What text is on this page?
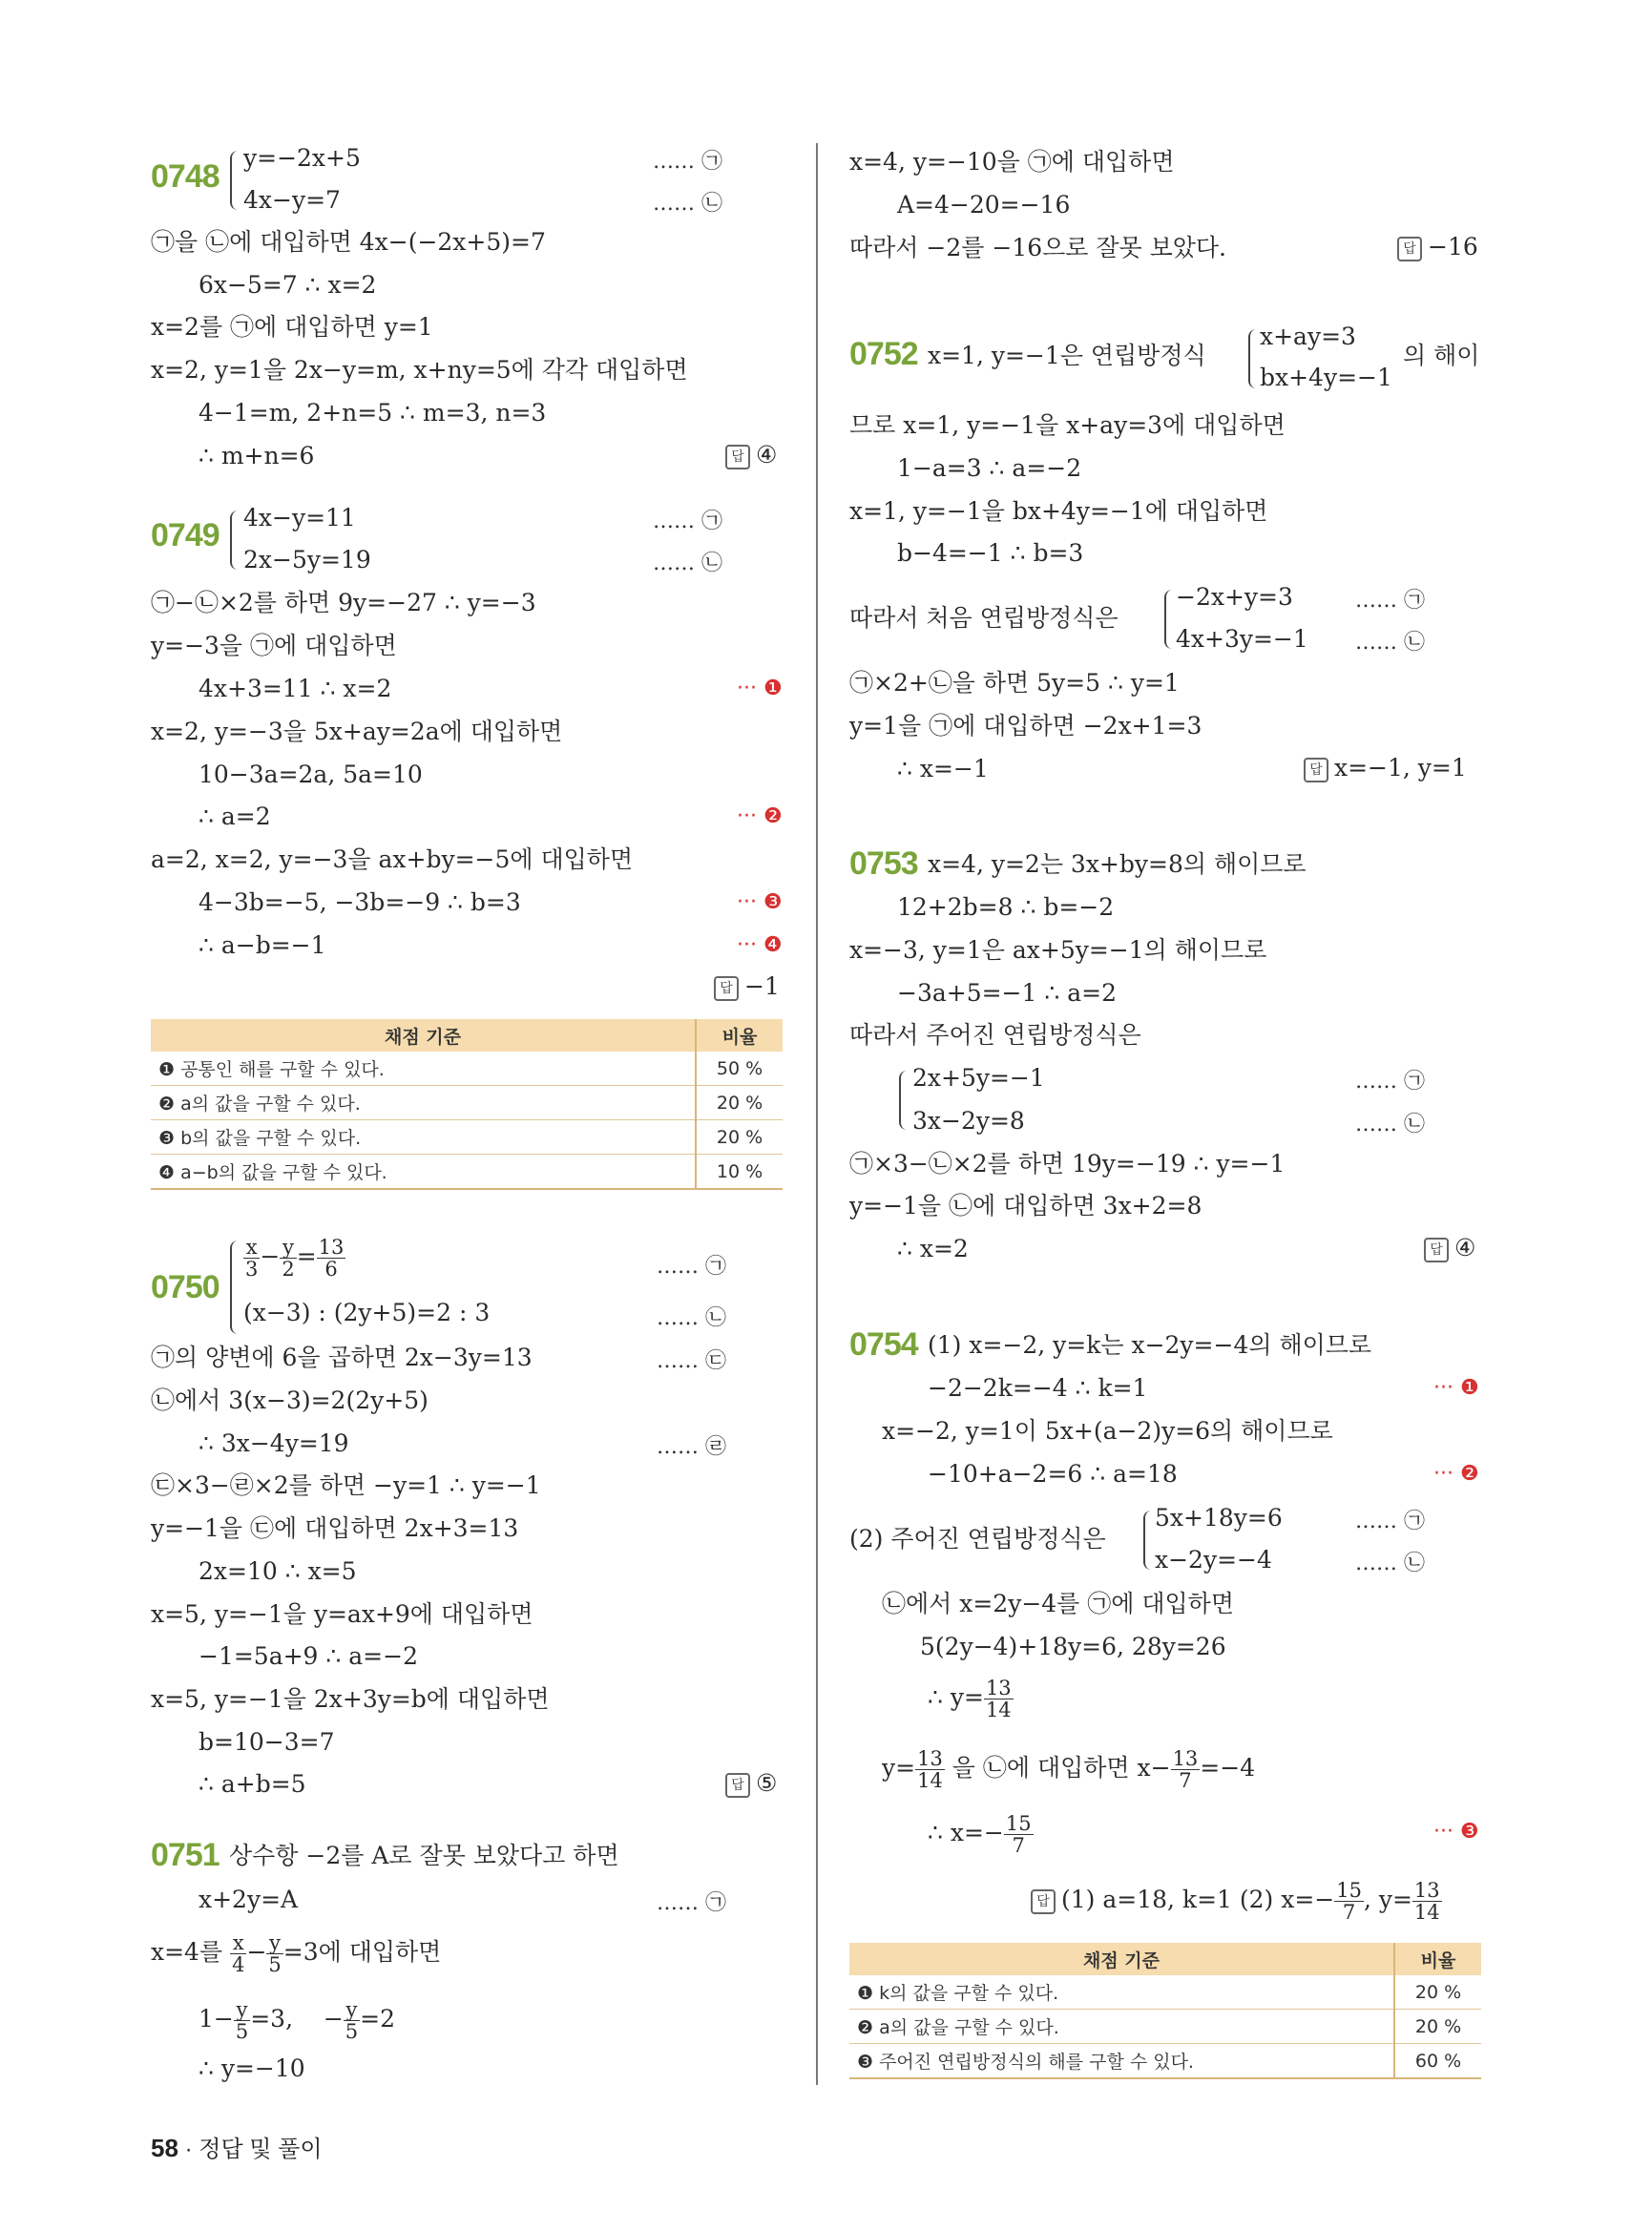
0748
y=−2x+5
4x−y=7
…… ㉠
…… ㉡
㉠을 ㉡에 대입하면 4x−(−2x+5)=7
6x−5=7 ∴ x=2
x=2를 ㉠에 대입하면 y=1
x=2, y=1을 2x−y=m, x+ny=5에 각각 대입하면
4−1=m, 2+n=5 ∴ m=3, n=3
∴ m+n=6	답 ④
0749 4x−y=11
2x−5y=19
…… ㉠
…… ㉡
㉠−㉡×2를 하면 9y=−27 ∴ y=−3
y=−3을 ㉠에 대입하면
4x+3=11 ∴ x=2	··· ❶
x=2, y=−3을 5x+ay=2a에 대입하면
10−3a=2a, 5a=10
∴ a=2	··· ❷
a=2, x=2, y=−3을 ax+by=−5에 대입하면
4−3b=−5, −3b=−9 ∴ b=3	··· ❸
∴ a−b=−1	··· ❹
답 −1
채점 기준	비율
❶ 공통인 해를 구할 수 있다.	50 %
❷ a의 값을 구할 수 있다.	20 %
❸ b의 값을 구할 수 있다.	20 %
❹ a−b의 값을 구할 수 있다.	10 %
0750
$\frac{x}{3} - \frac{y}{2} = \frac{13}{6}$
(x−3) : (2y+5)=2 : 3
…… ㉠
…… ㉡
㉠의 양변에 6을 곱하면 2x−3y=13	…… ㉢
㉡에서 3(x−3)=2(2y+5)
∴ 3x−4y=19	…… ㉣
㉢×3−㉣×2를 하면 −y=1 ∴ y=−1
y=−1을 ㉢에 대입하면 2x+3=13
2x=10 ∴ x=5
x=5, y=−1을 y=ax+9에 대입하면
−1=5a+9 ∴ a=−2
x=5, y=−1을 2x+3y=b에 대입하면
b=10−3=7
∴ a+b=5	답 ⑤
0751 상수항 −2를 A로 잘못 보았다고 하면
x+2y=A	…… ㉠
x=4를 $\frac{x}{4} - \frac{y}{5} =3$에 대입하면
$1- \frac{y}{5} =3$,    − $\frac{y}{5} =2$
∴ y=−10
x=4, y=−10을 ㉠에 대입하면
A=4−20=−16
따라서 −2를 −16으로 잘못 보았다.	답 −16
0752 x=1, y=−1은 연립방정식
x+ay=3
bx+4y=−1
의 해이
므로 x=1, y=−1을 x+ay=3에 대입하면
1−a=3 ∴ a=−2
x=1, y=−1을 bx+4y=−1에 대입하면
b−4=−1 ∴ b=3
따라서 처음 연립방정식은
−2x+y=3
4x+3y=−1
…… ㉠
…… ㉡
㉠×2+㉡을 하면 5y=5 ∴ y=1
y=1을 ㉠에 대입하면 −2x+1=3
∴ x=−1	답 x=−1, y=1
0753 x=4, y=2는 3x+by=8의 해이므로
12+2b=8 ∴ b=−2
x=−3, y=1은 ax+5y=−1의 해이므로
−3a+5=−1 ∴ a=2
따라서 주어진 연립방정식은
2x+5y=−1
3x−2y=8
…… ㉠
…… ㉡
㉠×3−㉡×2를 하면 19y=−19 ∴ y=−1
y=−1을 ㉡에 대입하면 3x+2=8
∴ x=2	답 ④
0754 (1) x=−2, y=k는 x−2y=−4의 해이므로
−2−2k=−4 ∴ k=1	··· ❶
x=−2, y=1이 5x+(a−2)y=6의 해이므로
−10+a−2=6 ∴ a=18	··· ❷
(2) 주어진 연립방정식은
5x+18y=6
x−2y=−4
…… ㉠
…… ㉡
㉡에서 x=2y−4를 ㉠에 대입하면
5(2y−4)+18y=6, 28y=26
∴ $y= \frac{13}{14}$
$y= \frac{13}{14}$ 을 ㉡에 대입하면 $x- \frac{13}{7} =-4$
∴ $x=- \frac{15}{7}$	··· ❸
답 (1) a=18, k=1 (2) $x=- \frac{15}{7}$ , $y= \frac{13}{14}$
채점 기준	비율
❶ k의 값을 구할 수 있다.	20 %
❷ a의 값을 구할 수 있다.	20 %
❸ 주어진 연립방정식의 해를 구할 수 있다.	60 %
58 · 정답 및 풀이
